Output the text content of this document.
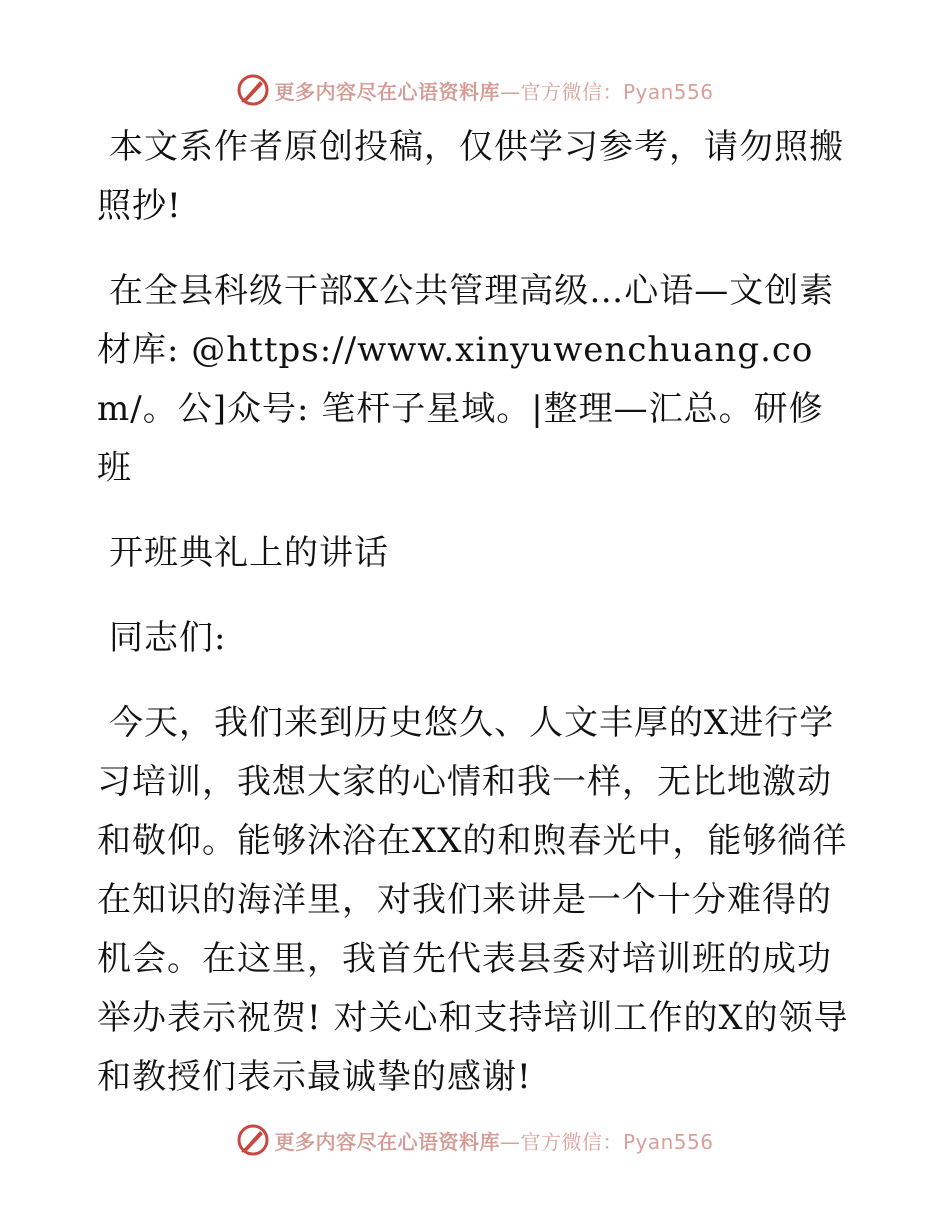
更多内容尽在心语资料库—官方微信：Pyan556

本文系作者原创投稿，仅供学习参考，请勿照搬照抄!

在全县科级干部X公共管理高级…心语—文创素材库: @https://www.xinyuwenchuang.com/。公]众号: 笔杆子星域。|整理—汇总。研修班

开班典礼上的讲话

同志们:

今天，我们来到历史悠久、人文丰厚的X进行学习培训，我想大家的心情和我一样，无比地激动和敬仰。能够沐浴在XX的和煦春光中，能够徜徉在知识的海洋里，对我们来讲是一个十分难得的机会。在这里，我首先代表县委对培训班的成功举办表示祝贺! 对关心和支持培训工作的X的领导和教授们表示最诚挚的感谢!

更多内容尽在心语资料库—官方微信：Pyan556
